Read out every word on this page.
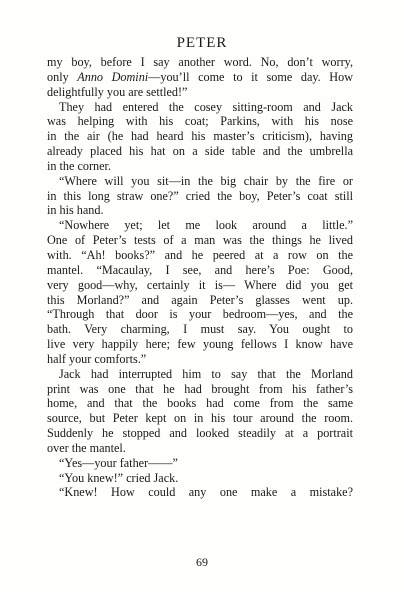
PETER
my boy, before I say another word. No, don’t worry,
only Anno Domini—you’ll come to it some day. How
delightfully you are settled!”
They had entered the cosey sitting-room and Jack
was helping with his coat; Parkins, with his nose
in the air (he had heard his master’s criticism), having
already placed his hat on a side table and the umbrella
in the corner.
“Where will you sit—in the big chair by the fire or
in this long straw one?” cried the boy, Peter’s coat still
in his hand.
“Nowhere yet; let me look around a little.”
One of Peter’s tests of a man was the things he lived
with. “Ah! books?” and he peered at a row on the
mantel. “Macaulay, I see, and here’s Poe: Good,
very good—why, certainly it is— Where did you get
this Morland?” and again Peter’s glasses went up.
“Through that door is your bedroom—yes, and the
bath. Very charming, I must say. You ought to
live very happily here; few young fellows I know have
half your comforts.”
Jack had interrupted him to say that the Morland
print was one that he had brought from his father’s
home, and that the books had come from the same
source, but Peter kept on in his tour around the room.
Suddenly he stopped and looked steadily at a portrait
over the mantel.
“Yes—your father——”
“You knew!” cried Jack.
“Knew! How could any one make a mistake?
69
